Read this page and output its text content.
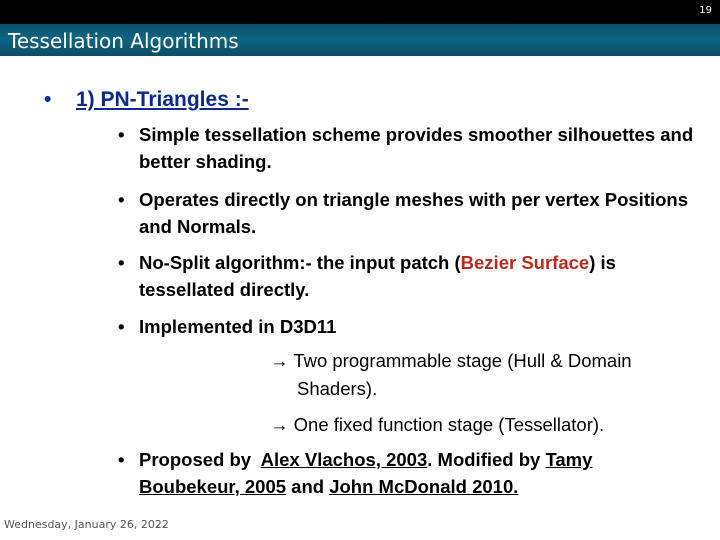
19
Tessellation Algorithms
• 1) PN-Triangles :-
• Simple tessellation scheme provides smoother silhouettes and better shading.
• Operates directly on triangle meshes with per vertex Positions and Normals.
• No-Split algorithm:- the input patch (Bezier Surface) is tessellated directly.
• Implemented in D3D11
→ Two programmable stage (Hull & Domain
Shaders).
→ One fixed function stage (Tessellator).
• Proposed by  Alex Vlachos, 2003. Modified by Tamy Boubekeur, 2005 and John McDonald 2010.
Wednesday, January 26, 2022
